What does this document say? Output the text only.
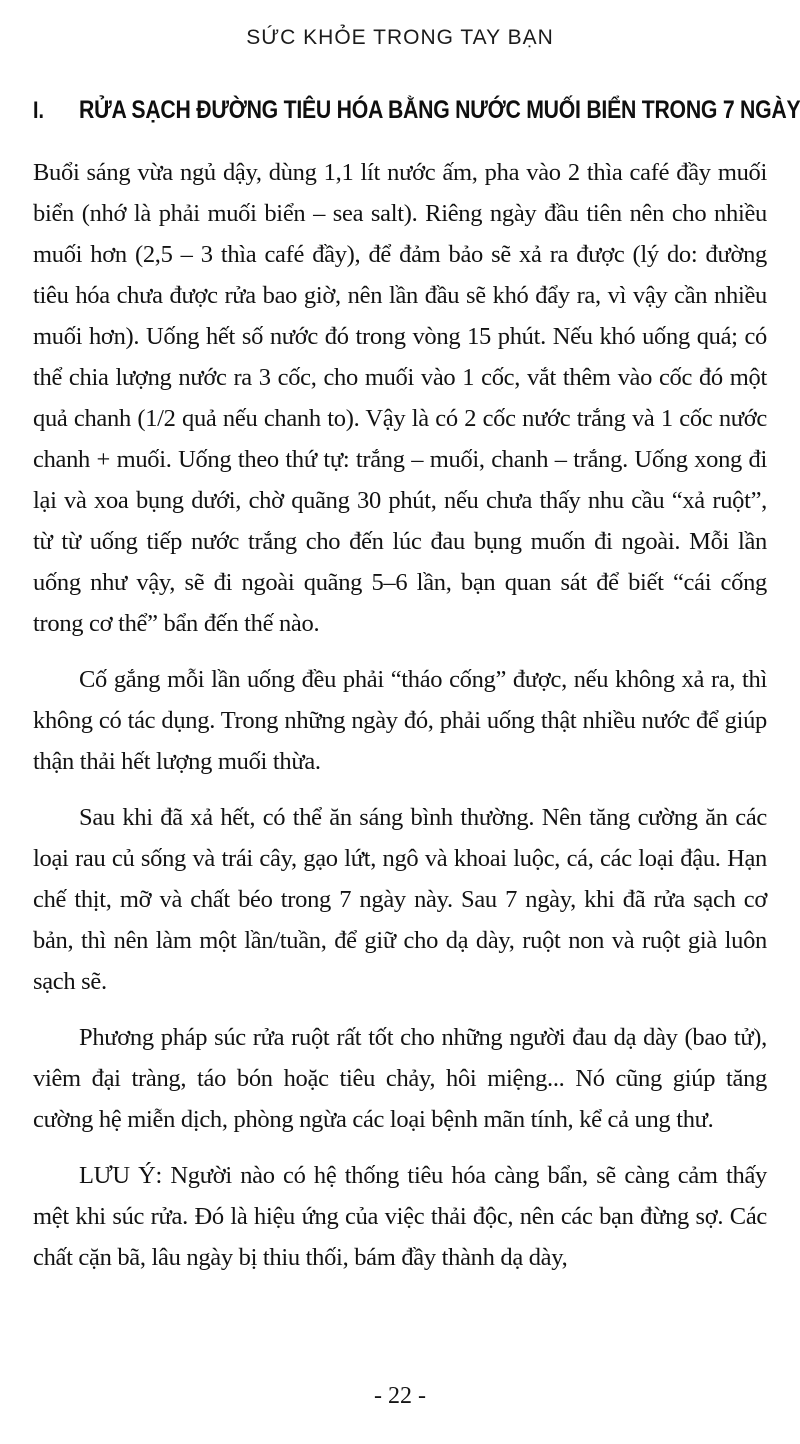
SỨC KHỎE TRONG TAY BẠN
I.	RỬA SẠCH ĐƯỜNG TIÊU HÓA BẰNG NƯỚC MUỐI BIỂN TRONG 7 NGÀY

Buổi sáng vừa ngủ dậy, dùng 1,1 lít nước ấm, pha vào 2 thìa café đầy muối biển (nhớ là phải muối biển – sea salt). Riêng ngày đầu tiên nên cho nhiều muối hơn (2,5 – 3 thìa café đầy), để đảm bảo sẽ xả ra được (lý do: đường tiêu hóa chưa được rửa bao giờ, nên lần đầu sẽ khó đẩy ra, vì vậy cần nhiều muối hơn). Uống hết số nước đó trong vòng 15 phút. Nếu khó uống quá; có thể chia lượng nước ra 3 cốc, cho muối vào 1 cốc, vắt thêm vào cốc đó một quả chanh (1/2 quả nếu chanh to). Vậy là có 2 cốc nước trắng và 1 cốc nước chanh + muối. Uống theo thứ tự: trắng – muối, chanh – trắng. Uống xong đi lại và xoa bụng dưới, chờ quãng 30 phút, nếu chưa thấy nhu cầu “xả ruột”, từ từ uống tiếp nước trắng cho đến lúc đau bụng muốn đi ngoài. Mỗi lần uống như vậy, sẽ đi ngoài quãng 5–6 lần, bạn quan sát để biết “cái cống trong cơ thể” bẩn đến thế nào.

Cố gắng mỗi lần uống đều phải “tháo cống” được, nếu không xả ra, thì không có tác dụng. Trong những ngày đó, phải uống thật nhiều nước để giúp thận thải hết lượng muối thừa.

Sau khi đã xả hết, có thể ăn sáng bình thường. Nên tăng cường ăn các loại rau củ sống và trái cây, gạo lứt, ngô và khoai luộc, cá, các loại đậu. Hạn chế thịt, mỡ và chất béo trong 7 ngày này. Sau 7 ngày, khi đã rửa sạch cơ bản, thì nên làm một lần/tuần, để giữ cho dạ dày, ruột non và ruột già luôn sạch sẽ.

Phương pháp súc rửa ruột rất tốt cho những người đau dạ dày (bao tử), viêm đại tràng, táo bón hoặc tiêu chảy, hôi miệng... Nó cũng giúp tăng cường hệ miễn dịch, phòng ngừa các loại bệnh mãn tính, kể cả ung thư.

LƯU Ý: Người nào có hệ thống tiêu hóa càng bẩn, sẽ càng cảm thấy mệt khi súc rửa. Đó là hiệu ứng của việc thải độc, nên các bạn đừng sợ. Các chất cặn bã, lâu ngày bị thiu thối, bám đầy thành dạ dày,

- 22 -
